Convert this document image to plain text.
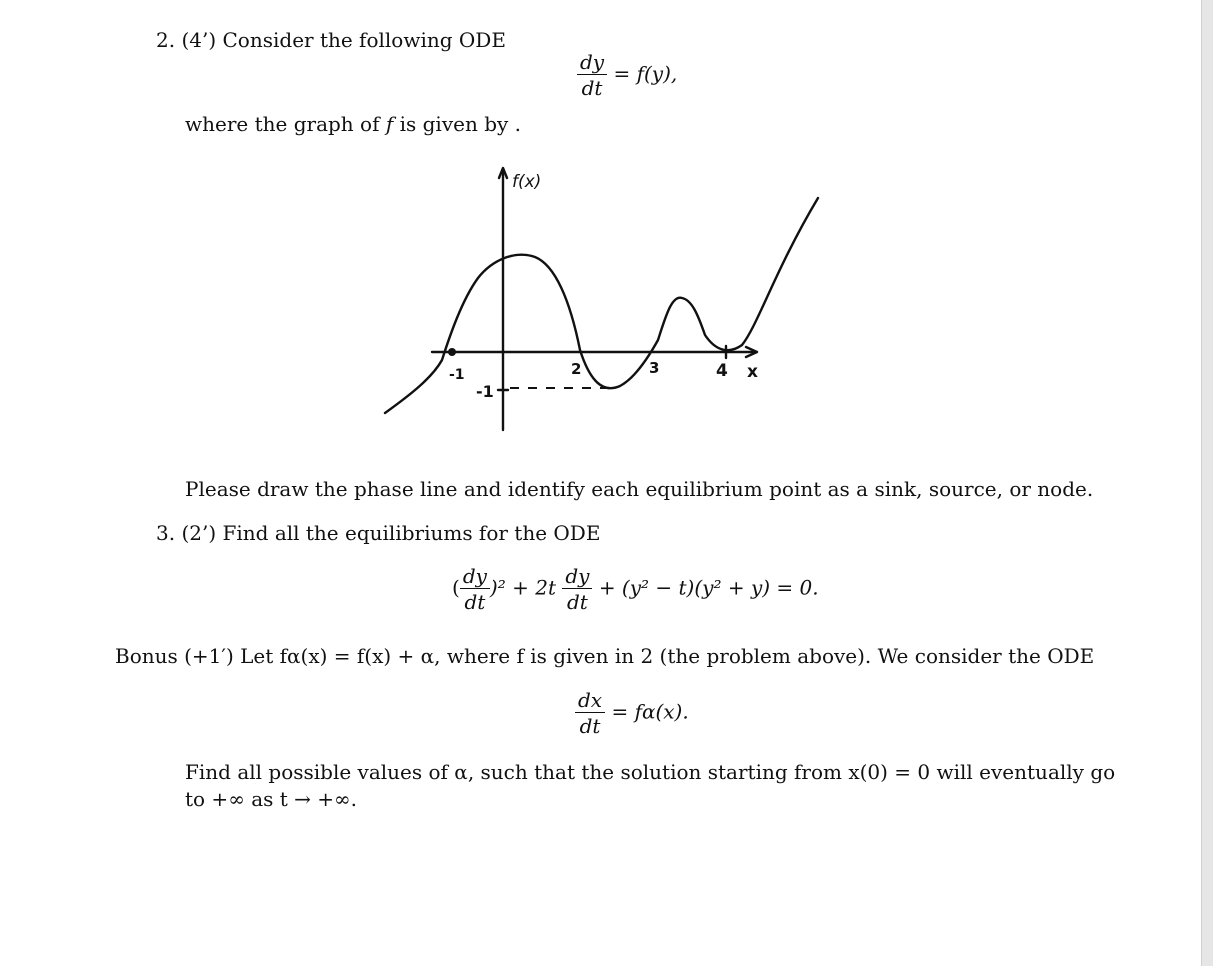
2. (4’) Consider the following ODE
$\frac{dy}{dt} = f(y)$,
where the graph of f is given by .
f(x)
-1	2	3	4 x
-1
Please draw the phase line and identify each equilibrium point as a sink, source, or node.
3. (2’) Find all the equilibriums for the ODE
( $\frac{dy}{dt} )^2 + 2t \frac{dy}{dt} + (y^2 - t)(y^2 + y) = 0$.
Bonus (+1′) Let fα(x) = f(x) + α, where f is given in 2 (the problem above). We consider the ODE
$\frac{dx}{dt} = f\alpha(x)$.
Find all possible values of α, such that the solution starting from x(0) = 0 will eventually go
to +∞ as t → +∞.
